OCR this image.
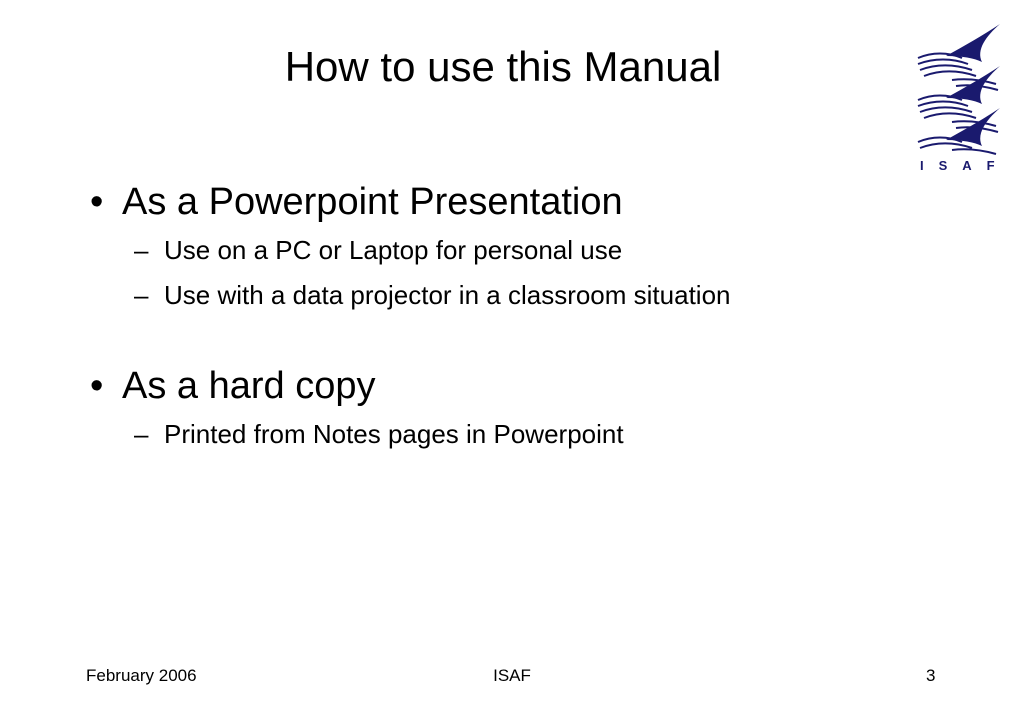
How to use this Manual
ISAF
• As a Powerpoint Presentation
– Use on a PC or Laptop for personal use
– Use with a data projector in a classroom situation
• As a hard copy
– Printed from Notes pages in Powerpoint
February 2006	ISAF	3
